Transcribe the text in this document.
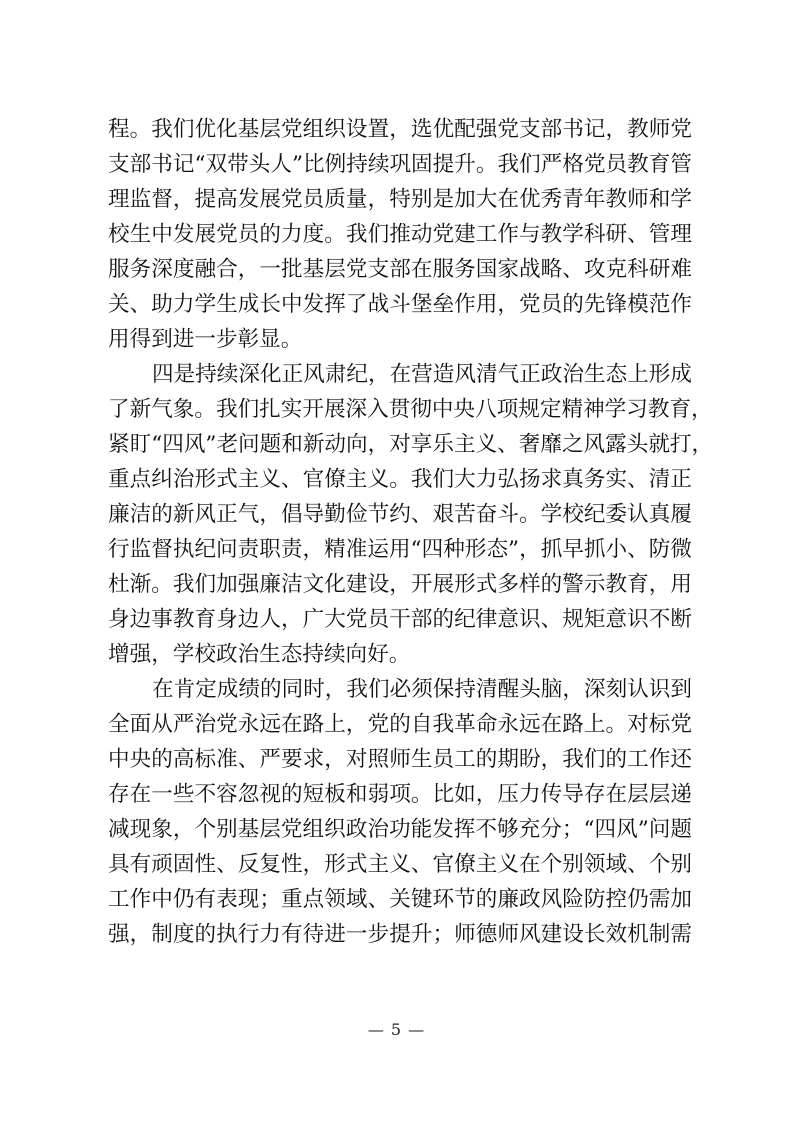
程。我们优化基层党组织设置，选优配强党支部书记，教师党
支部书记“双带头人”比例持续巩固提升。我们严格党员教育管
理监督，提高发展党员质量，特别是加大在优秀青年教师和学
校生中发展党员的力度。我们推动党建工作与教学科研、管理
服务深度融合，一批基层党支部在服务国家战略、攻克科研难
关、助力学生成长中发挥了战斗堡垒作用，党员的先锋模范作
用得到进一步彰显。
四是持续深化正风肃纪，在营造风清气正政治生态上形成
了新气象。我们扎实开展深入贯彻中央八项规定精神学习教育，
紧盯“四风”老问题和新动向，对享乐主义、奢靡之风露头就打，
重点纠治形式主义、官僚主义。我们大力弘扬求真务实、清正
廉洁的新风正气，倡导勤俭节约、艰苦奋斗。学校纪委认真履
行监督执纪问责职责，精准运用“四种形态”，抓早抓小、防微
杜渐。我们加强廉洁文化建设，开展形式多样的警示教育，用
身边事教育身边人，广大党员干部的纪律意识、规矩意识不断
增强，学校政治生态持续向好。
在肯定成绩的同时，我们必须保持清醒头脑，深刻认识到
全面从严治党永远在路上，党的自我革命永远在路上。对标党
中央的高标准、严要求，对照师生员工的期盼，我们的工作还
存在一些不容忽视的短板和弱项。比如，压力传导存在层层递
减现象，个别基层党组织政治功能发挥不够充分；“四风”问题
具有顽固性、反复性，形式主义、官僚主义在个别领域、个别
工作中仍有表现；重点领域、关键环节的廉政风险防控仍需加
强，制度的执行力有待进一步提升；师德师风建设长效机制需
— 5 —
